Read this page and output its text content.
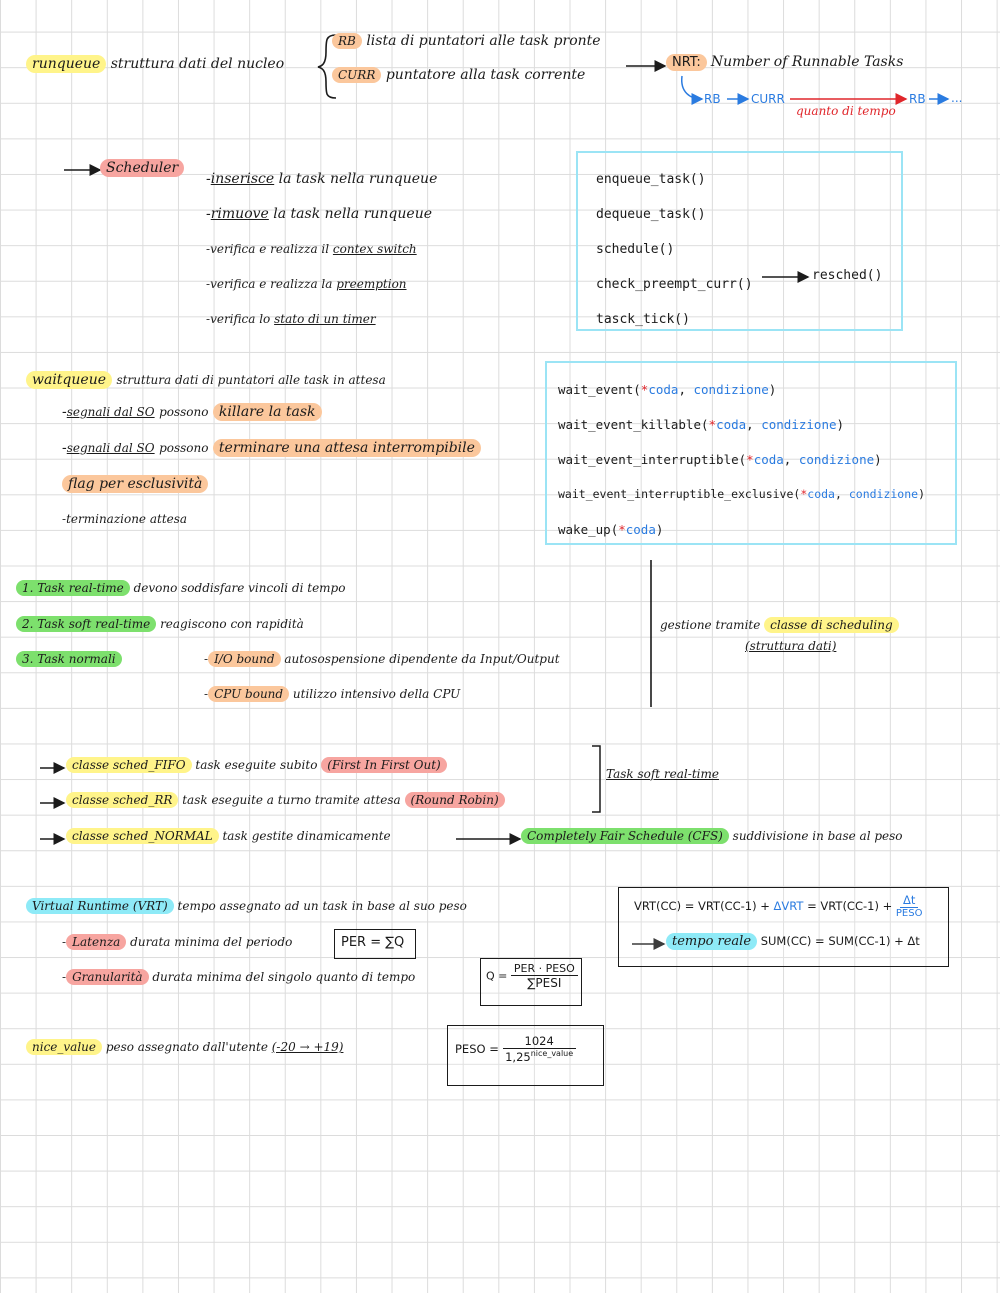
runqueue struttura dati del nucleo
RB lista di puntatori alle task pronte
CURR puntatore alla task corrente
NRT: Number of Runnable Tasks
RB	CURR
quanto di tempo
RB ...
Scheduler
-inserisce la task nella runqueue
-rimuove la task nella runqueue
-verifica e realizza il contex switch
-verifica e realizza la preemption
-verifica lo stato di un timer
enqueue_task()
dequeue_task()
schedule()
check_preempt_curr()
tasck_tick()
resched()
waitqueue struttura dati di puntatori alle task in attesa
-segnali dal SO possono killare la task
-segnali dal SO possono terminare una attesa interrompibile
flag per esclusività
-terminazione attesa
wait_event(*coda, condizione)
wait_event_killable(*coda, condizione)
wait_event_interruptible(*coda, condizione)
wait_event_interruptible_exclusive(*coda, condizione)
wake_up(*coda)
1. Task real-time devono soddisfare vincoli di tempo
2. Task soft real-time reagiscono con rapidità
3. Task normali	- I/O bound autosospensione dipendente da Input/Output
- CPU bound utilizzo intensivo della CPU
gestione tramite classe di scheduling
(struttura dati)
classe sched_FIFO task eseguite subito (First In First Out)
classe sched_RR task eseguite a turno tramite attesa (Round Robin)
Task soft real-time
classe sched_NORMAL task gestite dinamicamente	Completely Fair Schedule (CFS) suddivisione in base al peso
Virtual Runtime (VRT) tempo assegnato ad un task in base al suo peso
- Latenza durata minima del periodo	PER = ∑Q
- Granularità durata minima del singolo quanto di tempo	$Q = \frac{\text{PER · PESO}}{\text{∑PESI}}$
$VRT(CC) = VRT(CC-1) + \Delta VRT = VRT(CC-1) + \frac{\Delta t}{\text{PESO}}$
tempo reale SUM(CC) = SUM(CC-1) + Δt
nice_value peso assegnato dall'utente (-20 → +19)	PESO = $\frac{1024}{1,25^{nice\_value}}$
